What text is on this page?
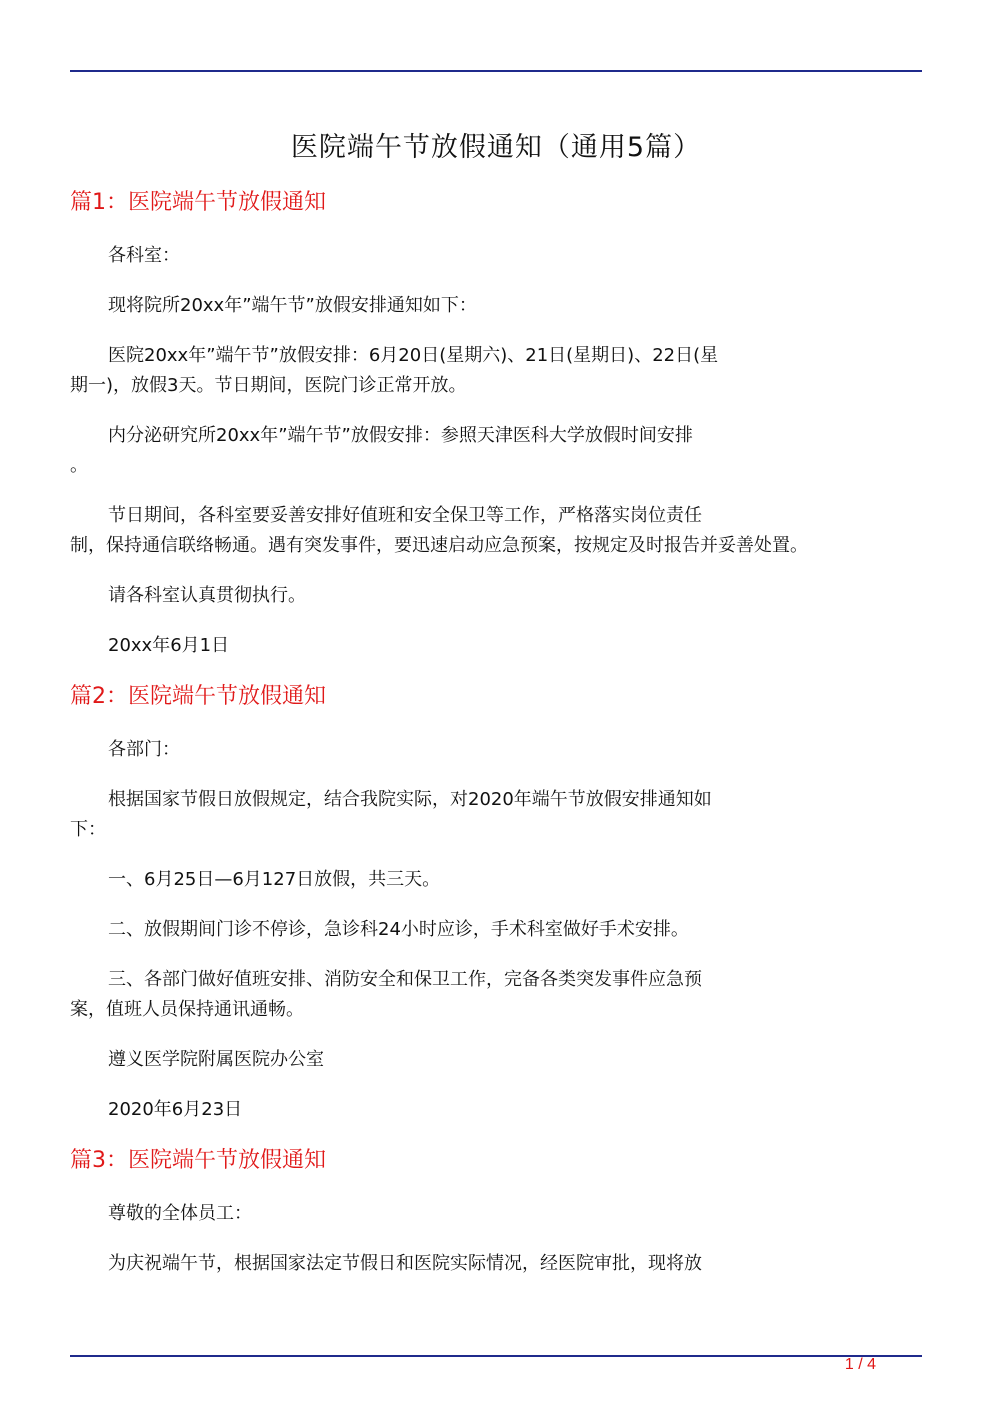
医院端午节放假通知（通用5篇）
篇1：医院端午节放假通知
各科室：
现将院所20xx年”端午节”放假安排通知如下：
医院20xx年”端午节”放假安排：6月20日(星期六)、21日(星期日)、22日(星
期一)，放假3天。节日期间，医院门诊正常开放。
内分泌研究所20xx年”端午节”放假安排：参照天津医科大学放假时间安排
。
节日期间，各科室要妥善安排好值班和安全保卫等工作，严格落实岗位责任
制，保持通信联络畅通。遇有突发事件，要迅速启动应急预案，按规定及时报告并妥善处置。
请各科室认真贯彻执行。
20xx年6月1日
篇2：医院端午节放假通知
各部门：
根据国家节假日放假规定，结合我院实际，对2020年端午节放假安排通知如
下：
一、6月25日—6月127日放假，共三天。
二、放假期间门诊不停诊，急诊科24小时应诊，手术科室做好手术安排。
三、各部门做好值班安排、消防安全和保卫工作，完备各类突发事件应急预
案，值班人员保持通讯通畅。
遵义医学院附属医院办公室
2020年6月23日
篇3：医院端午节放假通知
尊敬的全体员工：
为庆祝端午节，根据国家法定节假日和医院实际情况，经医院审批，现将放
1 / 4
